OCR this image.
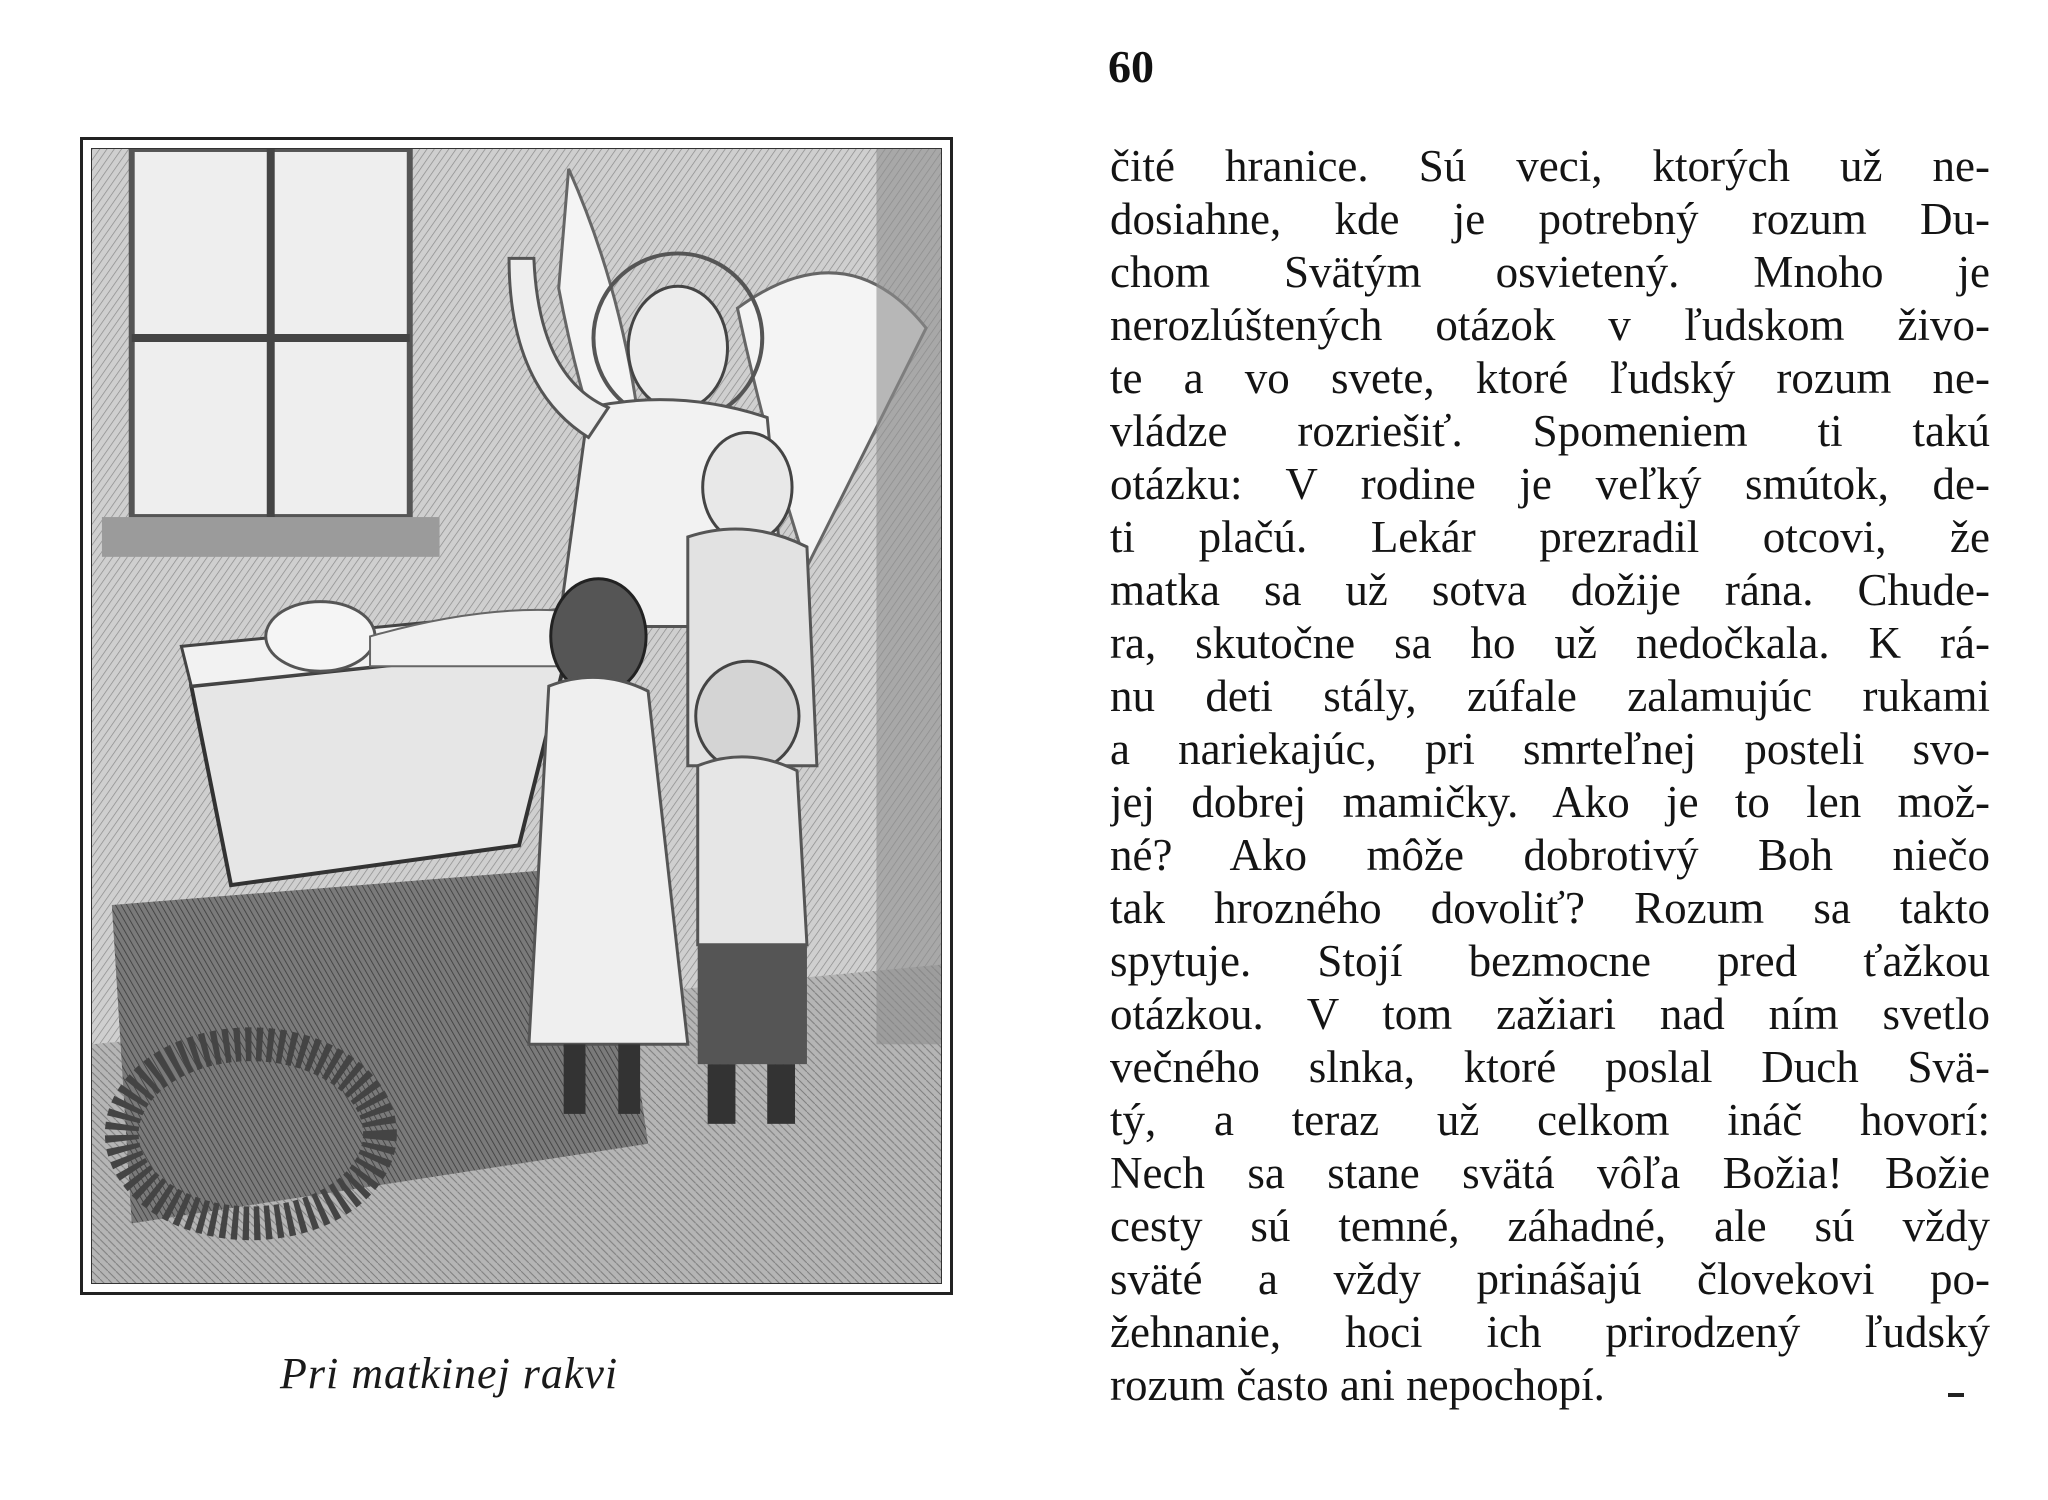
Pri matkinej rakvi
60
čité hranice. Sú veci, ktorých už ne-
dosiahne, kde je potrebný rozum Du-
chom Svätým osvietený. Mnoho je
nerozlúštených otázok v ľudskom živo-
te a vo svete, ktoré ľudský rozum ne-
vládze rozriešiť. Spomeniem ti takú
otázku: V rodine je veľký smútok, de-
ti plačú. Lekár prezradil otcovi, že
matka sa už sotva dožije rána. Chude-
ra, skutočne sa ho už nedočkala. K rá-
nu deti stály, zúfale zalamujúc rukami
a nariekajúc, pri smrteľnej posteli svo-
jej dobrej mamičky. Ako je to len mož-
né? Ako môže dobrotivý Boh niečo
tak hrozného dovoliť? Rozum sa takto
spytuje. Stojí bezmocne pred ťažkou
otázkou. V tom zažiari nad ním svetlo
večného slnka, ktoré poslal Duch Svä-
tý, a teraz už celkom ináč hovorí:
Nech sa stane svätá vôľa Božia! Božie
cesty sú temné, záhadné, ale sú vždy
sväté a vždy prinášajú človekovi po-
žehnanie, hoci ich prirodzený ľudský
rozum často ani nepochopí.
